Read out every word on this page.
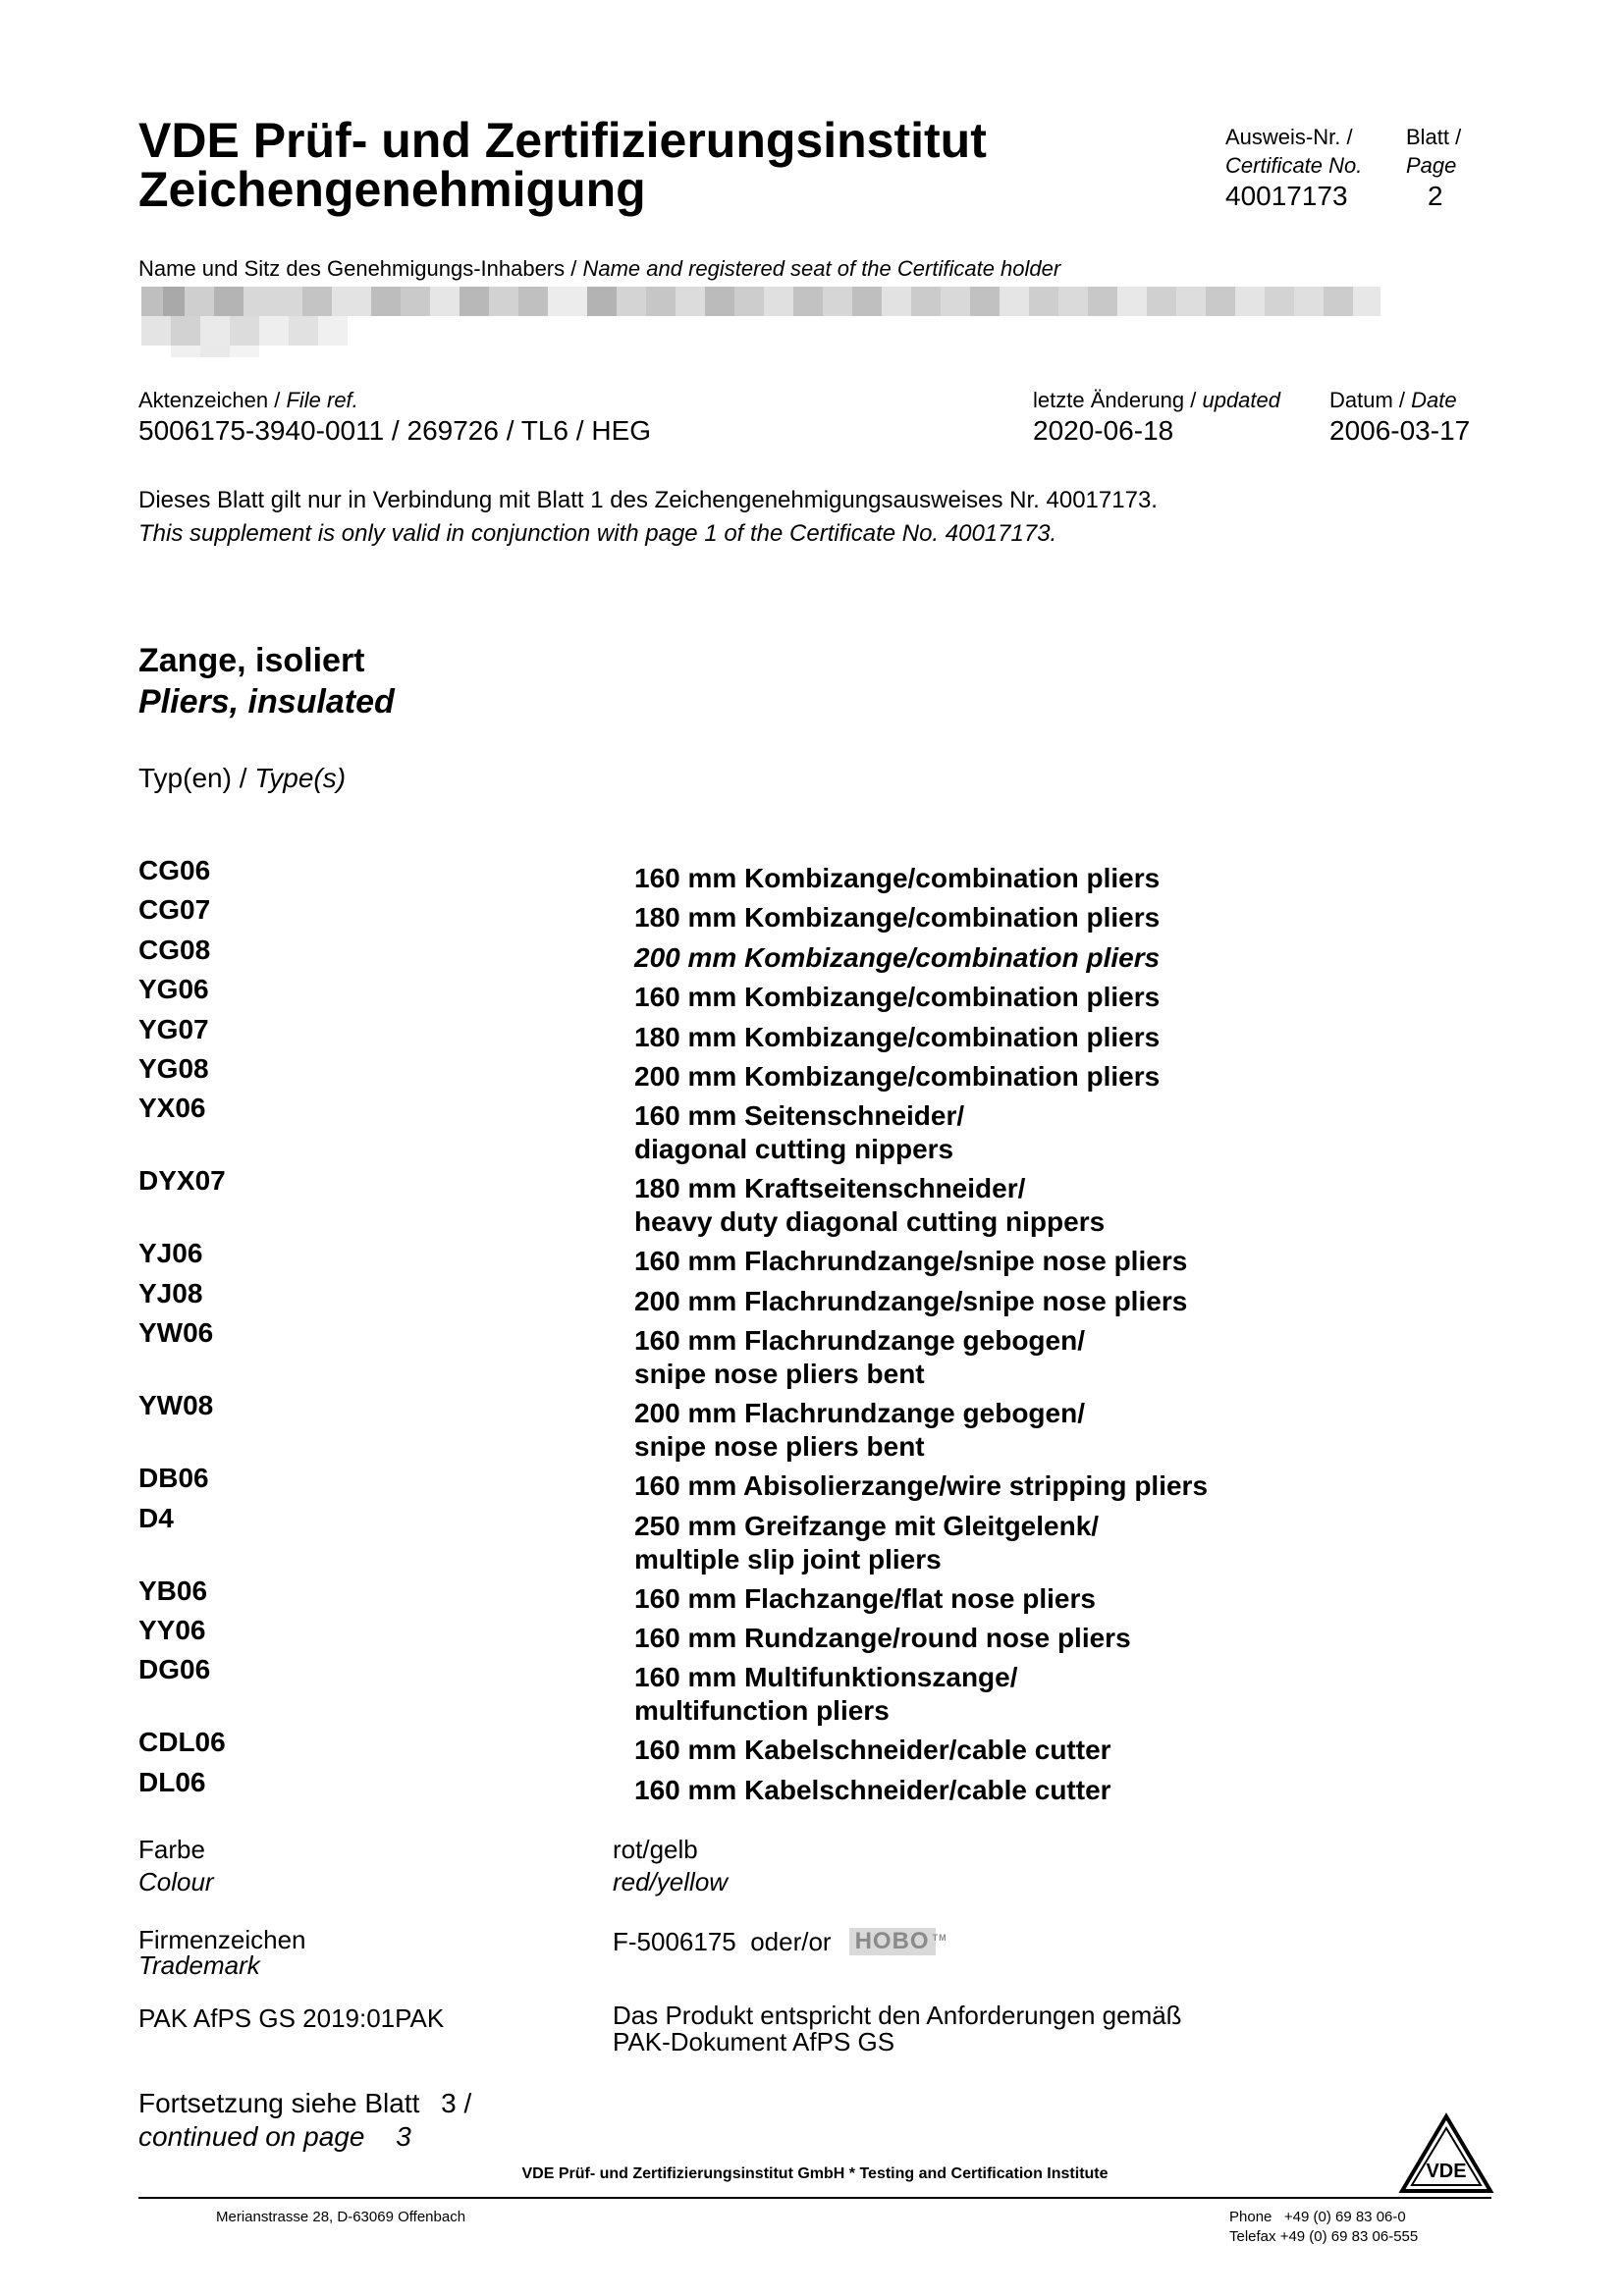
VDE Prüf- und Zertifizierungsinstitut
Zeichengenehmigung
Ausweis-Nr. /
Certificate No.
40017173
Blatt /
Page
2
Name und Sitz des Genehmigungs-Inhabers / Name and registered seat of the Certificate holder
Aktenzeichen / File ref.
5006175-3940-0011 / 269726 / TL6 / HEG
letzte Änderung / updated
2020-06-18
Datum / Date
2006-03-17
Dieses Blatt gilt nur in Verbindung mit Blatt 1 des Zeichengenehmigungsausweises Nr. 40017173.
This supplement is only valid in conjunction with page 1 of the Certificate No. 40017173.
Zange, isoliert
Pliers, insulated
Typ(en) / Type(s)
CG06	160 mm Kombizange/combination pliers
CG07	180 mm Kombizange/combination pliers
CG08	200 mm Kombizange/combination pliers
YG06	160 mm Kombizange/combination pliers
YG07	180 mm Kombizange/combination pliers
YG08	200 mm Kombizange/combination pliers
YX06	160 mm Seitenschneider/
diagonal cutting nippers
DYX07	180 mm Kraftseitenschneider/
heavy duty diagonal cutting nippers
YJ06	160 mm Flachrundzange/snipe nose pliers
YJ08	200 mm Flachrundzange/snipe nose pliers
YW06	160 mm Flachrundzange gebogen/
snipe nose pliers bent
YW08	200 mm Flachrundzange gebogen/
snipe nose pliers bent
DB06	160 mm Abisolierzange/wire stripping pliers
D4	250 mm Greifzange mit Gleitgelenk/
multiple slip joint pliers
YB06	160 mm Flachzange/flat nose pliers
YY06	160 mm Rundzange/round nose pliers
DG06	160 mm Multifunktionszange/
multifunction pliers
CDL06	160 mm Kabelschneider/cable cutter
DL06	160 mm Kabelschneider/cable cutter
Farbe
Colour
rot/gelb
red/yellow
Firmenzeichen
Trademark
F-5006175  oder/or HOBO TM
PAK AfPS GS 2019:01PAK	Das Produkt entspricht den Anforderungen gemäß
PAK-Dokument AfPS GS
Fortsetzung siehe Blatt 3 /
continued on page 3
VDE Prüf- und Zertifizierungsinstitut GmbH * Testing and Certification Institute
Merianstrasse 28, D-63069 Offenbach	Phone   +49 (0) 69 83 06-0
Telefax +49 (0) 69 83 06-555
VDE
